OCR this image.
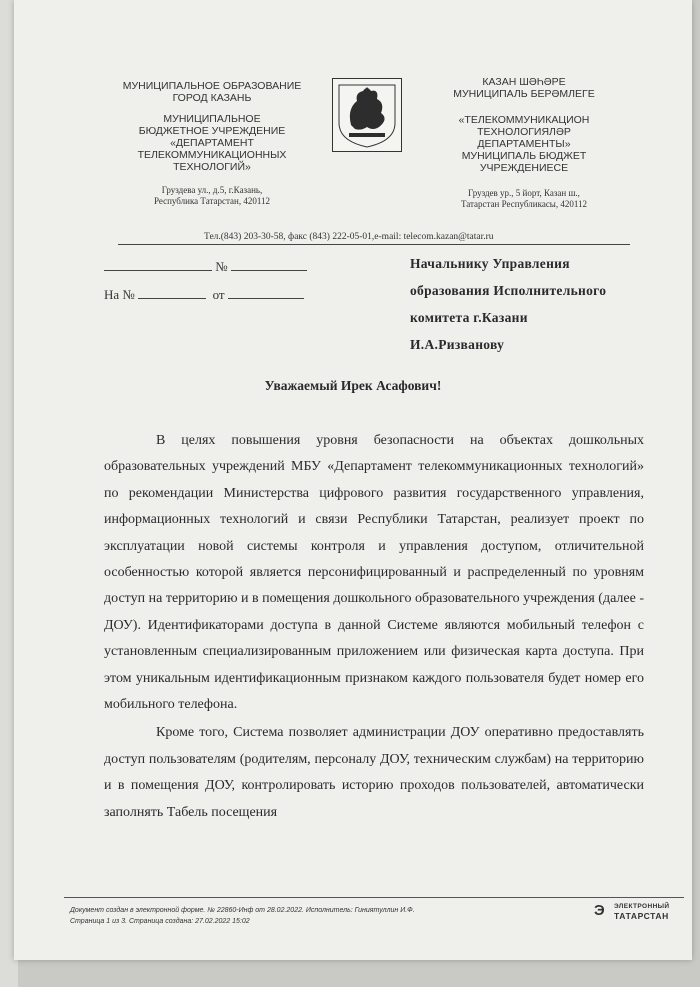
МУНИЦИПАЛЬНОЕ ОБРАЗОВАНИЕ
ГОРОД КАЗАНЬ
МУНИЦИПАЛЬНОЕ
БЮДЖЕТНОЕ УЧРЕЖДЕНИЕ
«ДЕПАРТАМЕНТ
ТЕЛЕКОММУНИКАЦИОННЫХ
ТЕХНОЛОГИЙ»
Груздева ул., д.5, г.Казань,
Республика Татарстан, 420112
КАЗАН ШӘҺӘРЕ
МУНИЦИПАЛЬ БЕРӘМЛЕГЕ
«ТЕЛЕКОММУНИКАЦИОН
ТЕХНОЛОГИЯЛӘР
ДЕПАРТАМЕНТЫ»
МУНИЦИПАЛЬ БЮДЖЕТ
УЧРЕЖДЕНИЕСЕ
Груздев ур., 5 йорт, Казан ш.,
Татарстан Республикасы, 420112
Тел.(843) 203-30-58, факс (843) 222-05-01,e-mail: telecom.kazan@tatar.ru
№
На №	от
Начальнику Управления
образования Исполнительного
комитета г.Казани
И.А.Ризванову
Уважаемый Ирек Асафович!

В целях повышения уровня безопасности на объектах дошкольных образовательных учреждений МБУ «Департамент телекоммуникационных технологий» по рекомендации Министерства цифрового развития государственного управления, информационных технологий и связи Республики Татарстан, реализует проект по эксплуатации новой системы контроля и управления доступом, отличительной особенностью которой является персонифицированный и распределенный по уровням доступ на территорию и в помещения дошкольного образовательного учреждения (далее - ДОУ). Идентификаторами доступа в данной Системе являются мобильный телефон с установленным специализированным приложением или физическая карта доступа. При этом уникальным идентификационным признаком каждого пользователя будет номер его мобильного телефона.

Кроме того, Система позволяет администрации ДОУ оперативно предоставлять доступ пользователям (родителям, персоналу ДОУ, техническим службам) на территорию и в помещения ДОУ, контролировать историю проходов пользователей, автоматически заполнять Табель посещения

Документ создан в электронной форме. № 22860-Инф от 28.02.2022. Исполнитель: Гиниятуллин И.Ф.
Страница 1 из 3. Страница создана: 27.02.2022 15:02
Э	ЭЛЕКТРОННЫЙ
ТАТАРСТАН
